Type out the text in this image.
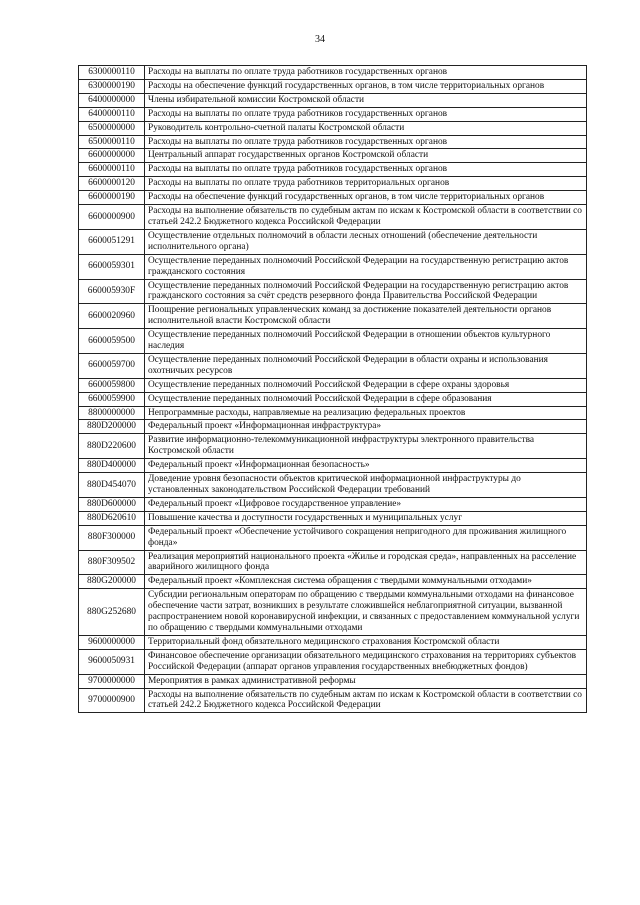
34
6300000110	Расходы на выплаты по оплате труда работников государственных органов
6300000190	Расходы на обеспечение функций государственных органов, в том числе территориальных органов
6400000000	Члены избирательной комиссии Костромской области
6400000110	Расходы на выплаты по оплате труда работников государственных органов
6500000000	Руководитель контрольно-счетной палаты Костромской области
6500000110	Расходы на выплаты по оплате труда работников государственных органов
6600000000	Центральный аппарат государственных органов Костромской области
6600000110	Расходы на выплаты по оплате труда работников государственных органов
6600000120	Расходы на выплаты по оплате труда работников территориальных органов
6600000190	Расходы на обеспечение функций государственных органов, в том числе территориальных органов
6600000900	Расходы на выполнение обязательств по судебным актам по искам к Костромской области в соответствии со статьей 242.2 Бюджетного кодекса Российской Федерации
6600051291	Осуществление отдельных полномочий в области лесных отношений (обеспечение деятельности исполнительного органа)
6600059301	Осуществление переданных полномочий Российской Федерации на государственную регистрацию актов гражданского состояния
660005930F	Осуществление переданных полномочий Российской Федерации на государственную регистрацию актов гражданского состояния за счёт средств резервного фонда Правительства Российской Федерации
6600020960	Поощрение региональных управленческих команд за достижение показателей деятельности органов исполнительной власти Костромской области
6600059500	Осуществление переданных полномочий Российской Федерации в отношении объектов культурного наследия
6600059700	Осуществление переданных полномочий Российской Федерации в области охраны и использования охотничьих ресурсов
6600059800	Осуществление переданных полномочий Российской Федерации в сфере охраны здоровья
6600059900	Осуществление переданных полномочий Российской Федерации в сфере образования
8800000000	Непрограммные расходы, направляемые на реализацию федеральных проектов
880D200000	Федеральный проект «Информационная инфраструктура»
880D220600	Развитие информационно-телекоммуникационной инфраструктуры электронного правительства Костромской области
880D400000	Федеральный проект «Информационная безопасность»
880D454070	Доведение уровня безопасности объектов критической информационной инфраструктуры до установленных законодательством Российской Федерации требований
880D600000	Федеральный проект «Цифровое государственное управление»
880D620610	Повышение качества и доступности государственных и муниципальных услуг
880F300000	Федеральный проект «Обеспечение устойчивого сокращения непригодного для проживания жилищного фонда»
880F309502	Реализация мероприятий национального проекта «Жилье и городская среда», направленных на расселение аварийного жилищного фонда
880G200000	Федеральный проект «Комплексная система обращения с твердыми коммунальными отходами»
880G252680	Субсидии региональным операторам по обращению с твердыми коммунальными отходами на финансовое обеспечение части затрат, возникших в результате сложившейся неблагоприятной ситуации, вызванной распространением новой коронавирусной инфекции, и связанных с предоставлением коммунальной услуги по обращению с твердыми коммунальными отходами
9600000000	Территориальный фонд обязательного медицинского страхования Костромской области
9600050931	Финансовое обеспечение организации обязательного медицинского страхования на территориях субъектов Российской Федерации (аппарат органов управления государственных внебюджетных фондов)
9700000000	Мероприятия в рамках административной реформы
9700000900	Расходы на выполнение обязательств по судебным актам по искам к Костромской области в соответствии со статьей 242.2 Бюджетного кодекса Российской Федерации
